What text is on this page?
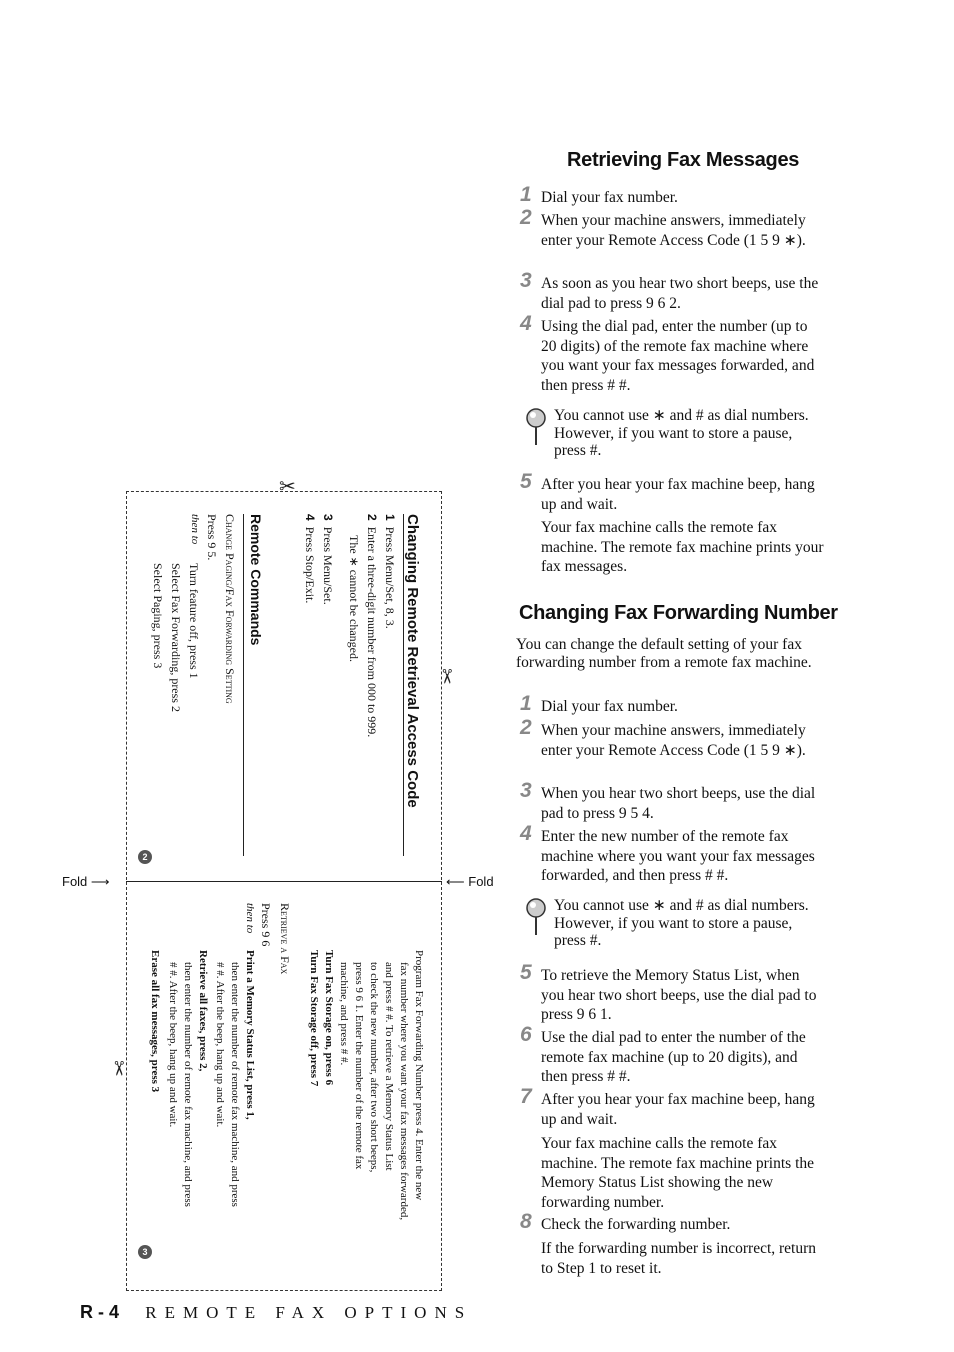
Retrieving Fax Messages
1 Dial your fax number.
2 When your machine answers, immediately enter your Remote Access Code (1 5 9 ∗).
3 As soon as you hear two short beeps, use the dial pad to press 9 6 2.
4 Using the dial pad, enter the number (up to 20 digits) of the remote fax machine where you want your fax messages forwarded, and then press # #.
You cannot use ∗ and # as dial numbers. However, if you want to store a pause, press #.
5 After you hear your fax machine beep, hang up and wait.
Your fax machine calls the remote fax machine. The remote fax machine prints your fax messages.
Changing Fax Forwarding Number
You can change the default setting of your fax forwarding number from a remote fax machine.
1 Dial your fax number.
2 When your machine answers, immediately enter your Remote Access Code (1 5 9 ∗).
3 When you hear two short beeps, use the dial pad to press 9 5 4.
4 Enter the new number of the remote fax machine where you want your fax messages forwarded, and then press # #.
You cannot use ∗ and # as dial numbers. However, if you want to store a pause, press #.
5 To retrieve the Memory Status List, when you hear two short beeps, use the dial pad to press 9 6 1.
6 Use the dial pad to enter the number of the remote fax machine (up to 20 digits), and then press # #.
7 After you hear your fax machine beep, hang up and wait.
Your fax machine calls the remote fax machine. The remote fax machine prints the Memory Status List showing the new forwarding number.
8 Check the forwarding number.
If the forwarding number is incorrect, return to Step 1 to reset it.
Fold ⟶	⟵ Fold
✂
✂
✂
Changing Remote Retrieval Access Code
1  Press Menu/Set, 8, 3.
2  Enter a three-digit number from 000 to 999.
The ∗ cannot be changed.
3  Press Menu/Set.
4  Press Stop/Exit.
Remote Commands
Change Paging/Fax Forwarding Setting
Press 9 5.
then to
Turn feature off, press 1
Select Fax Forwarding, press 2
Select Paging, press 3
2
Program Fax Forwarding Number press 4. Enter the new
fax number where you want your fax messages forwarded,
and press # #. To retrieve a Memory Status List
to check the new number, after two short beeps,
press 9 6 1. Enter the number of the remote fax
machine, and press # #.
Turn Fax Storage on, press 6
Turn Fax Storage off, press 7
Retrieve a Fax
Press 9 6
then to
Print a Memory Status List, press 1,
then enter the number of remote fax machine, and press
# #. After the beep, hang up and wait.
Retrieve all faxes, press 2,
then enter the number of remote fax machine, and press
# #. After the beep, hang up and wait.
Erase all fax messages, press 3
3
R - 4 REMOTE FAX OPTIONS
